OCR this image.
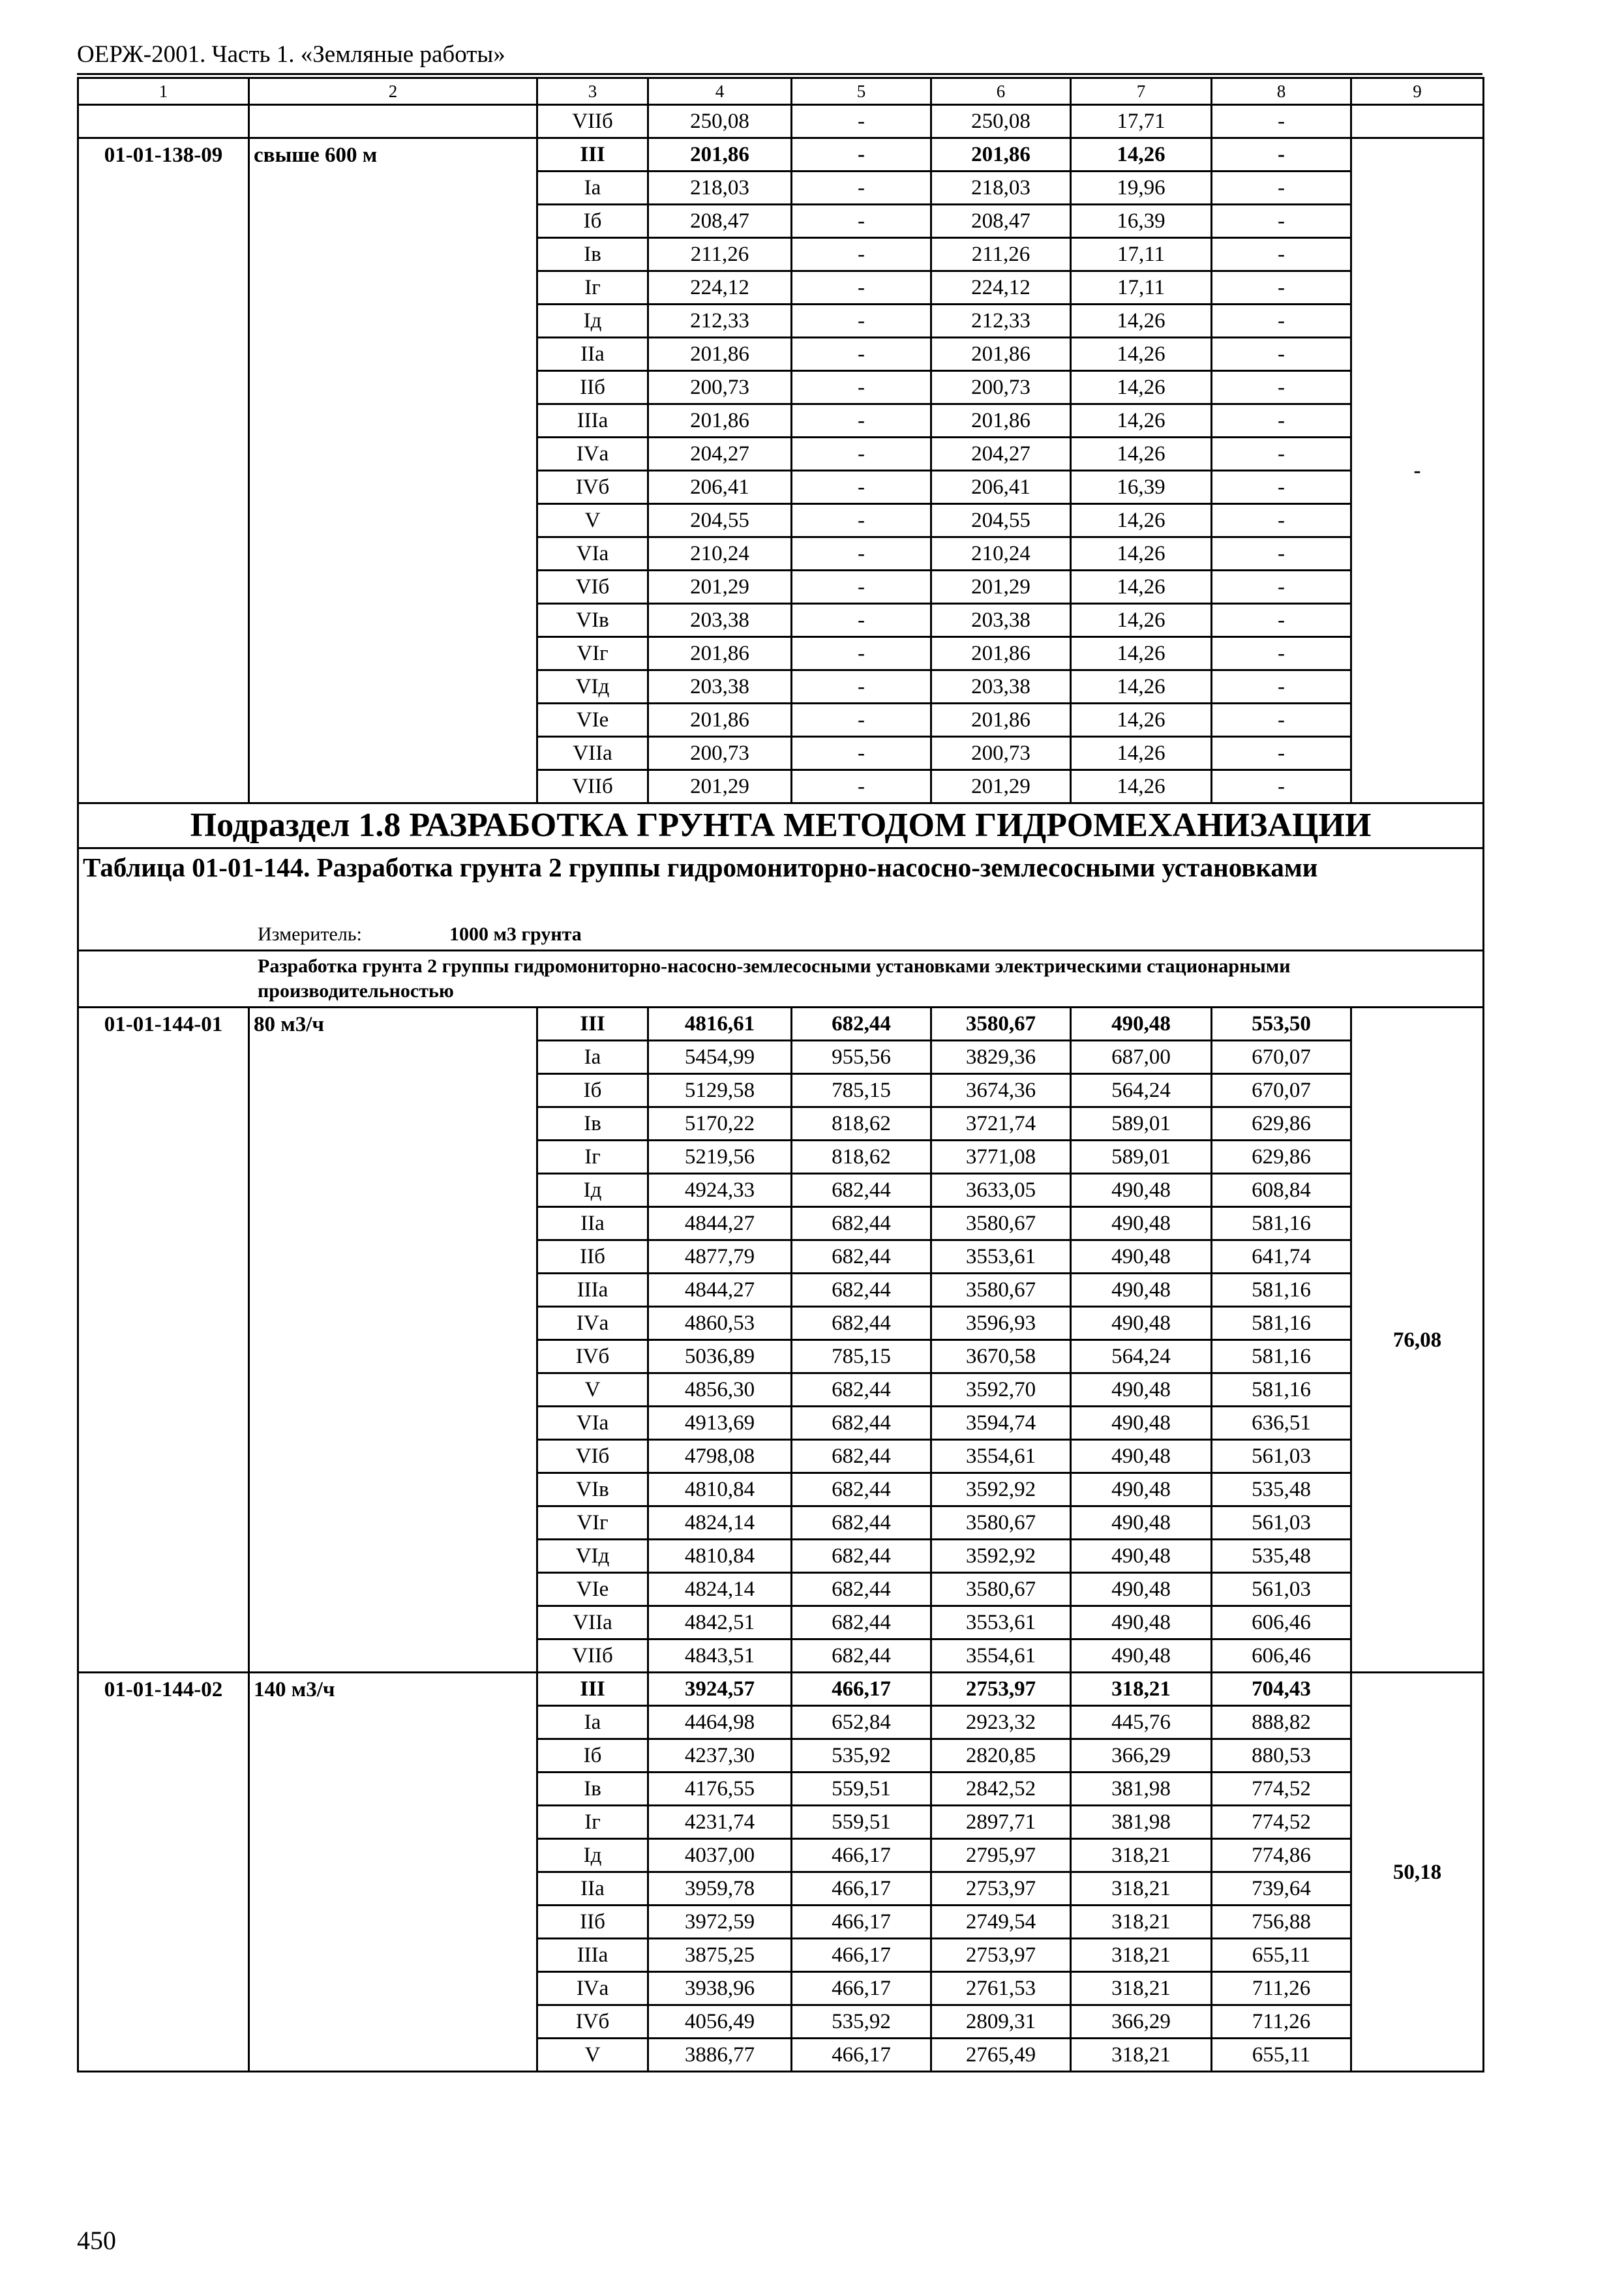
ОЕРЖ-2001. Часть 1. «Земляные работы»
1	2	3	4	5	6	7	8	9
		VIIб	250,08	-	250,08	17,71	-	
01-01-138-09	свыше 600 м	III	201,86	-	201,86	14,26	-	-
		Iа	218,03	-	218,03	19,96	-	
		Iб	208,47	-	208,47	16,39	-	
		Iв	211,26	-	211,26	17,11	-	
		Iг	224,12	-	224,12	17,11	-	
		Iд	212,33	-	212,33	14,26	-	
		IIа	201,86	-	201,86	14,26	-	
		IIб	200,73	-	200,73	14,26	-	
		IIIа	201,86	-	201,86	14,26	-	
		IVа	204,27	-	204,27	14,26	-	
		IVб	206,41	-	206,41	16,39	-	
		V	204,55	-	204,55	14,26	-	
		VIа	210,24	-	210,24	14,26	-	
		VIб	201,29	-	201,29	14,26	-	
		VIв	203,38	-	203,38	14,26	-	
		VIг	201,86	-	201,86	14,26	-	
		VIд	203,38	-	203,38	14,26	-	
		VIе	201,86	-	201,86	14,26	-	
		VIIа	200,73	-	200,73	14,26	-	
		VIIб	201,29	-	201,29	14,26	-	
Подраздел 1.8 РАЗРАБОТКА ГРУНТА МЕТОДОМ ГИДРОМЕХАНИЗАЦИИ								
Таблица 01-01-144. Разработка грунта 2 группы гидромониторно-насосно-землесосными установками								
Измеритель: 1000 м3 грунта								
Разработка грунта 2 группы гидромониторно-насосно-землесосными установками электрическими стационарными производительностью								
01-01-144-01	80 м3/ч	III	4816,61	682,44	3580,67	490,48	553,50	76,08
		Iа	5454,99	955,56	3829,36	687,00	670,07	
		Iб	5129,58	785,15	3674,36	564,24	670,07	
		Iв	5170,22	818,62	3721,74	589,01	629,86	
		Iг	5219,56	818,62	3771,08	589,01	629,86	
		Iд	4924,33	682,44	3633,05	490,48	608,84	
		IIа	4844,27	682,44	3580,67	490,48	581,16	
		IIб	4877,79	682,44	3553,61	490,48	641,74	
		IIIа	4844,27	682,44	3580,67	490,48	581,16	
		IVа	4860,53	682,44	3596,93	490,48	581,16	
		IVб	5036,89	785,15	3670,58	564,24	581,16	
		V	4856,30	682,44	3592,70	490,48	581,16	
		VIа	4913,69	682,44	3594,74	490,48	636,51	
		VIб	4798,08	682,44	3554,61	490,48	561,03	
		VIв	4810,84	682,44	3592,92	490,48	535,48	
		VIг	4824,14	682,44	3580,67	490,48	561,03	
		VIд	4810,84	682,44	3592,92	490,48	535,48	
		VIе	4824,14	682,44	3580,67	490,48	561,03	
		VIIа	4842,51	682,44	3553,61	490,48	606,46	
		VIIб	4843,51	682,44	3554,61	490,48	606,46	
01-01-144-02	140 м3/ч	III	3924,57	466,17	2753,97	318,21	704,43	50,18
		Iа	4464,98	652,84	2923,32	445,76	888,82	
		Iб	4237,30	535,92	2820,85	366,29	880,53	
		Iв	4176,55	559,51	2842,52	381,98	774,52	
		Iг	4231,74	559,51	2897,71	381,98	774,52	
		Iд	4037,00	466,17	2795,97	318,21	774,86	
		IIа	3959,78	466,17	2753,97	318,21	739,64	
		IIб	3972,59	466,17	2749,54	318,21	756,88	
		IIIа	3875,25	466,17	2753,97	318,21	655,11	
		IVа	3938,96	466,17	2761,53	318,21	711,26	
		IVб	4056,49	535,92	2809,31	366,29	711,26	
		V	3886,77	466,17	2765,49	318,21	655,11	
450
